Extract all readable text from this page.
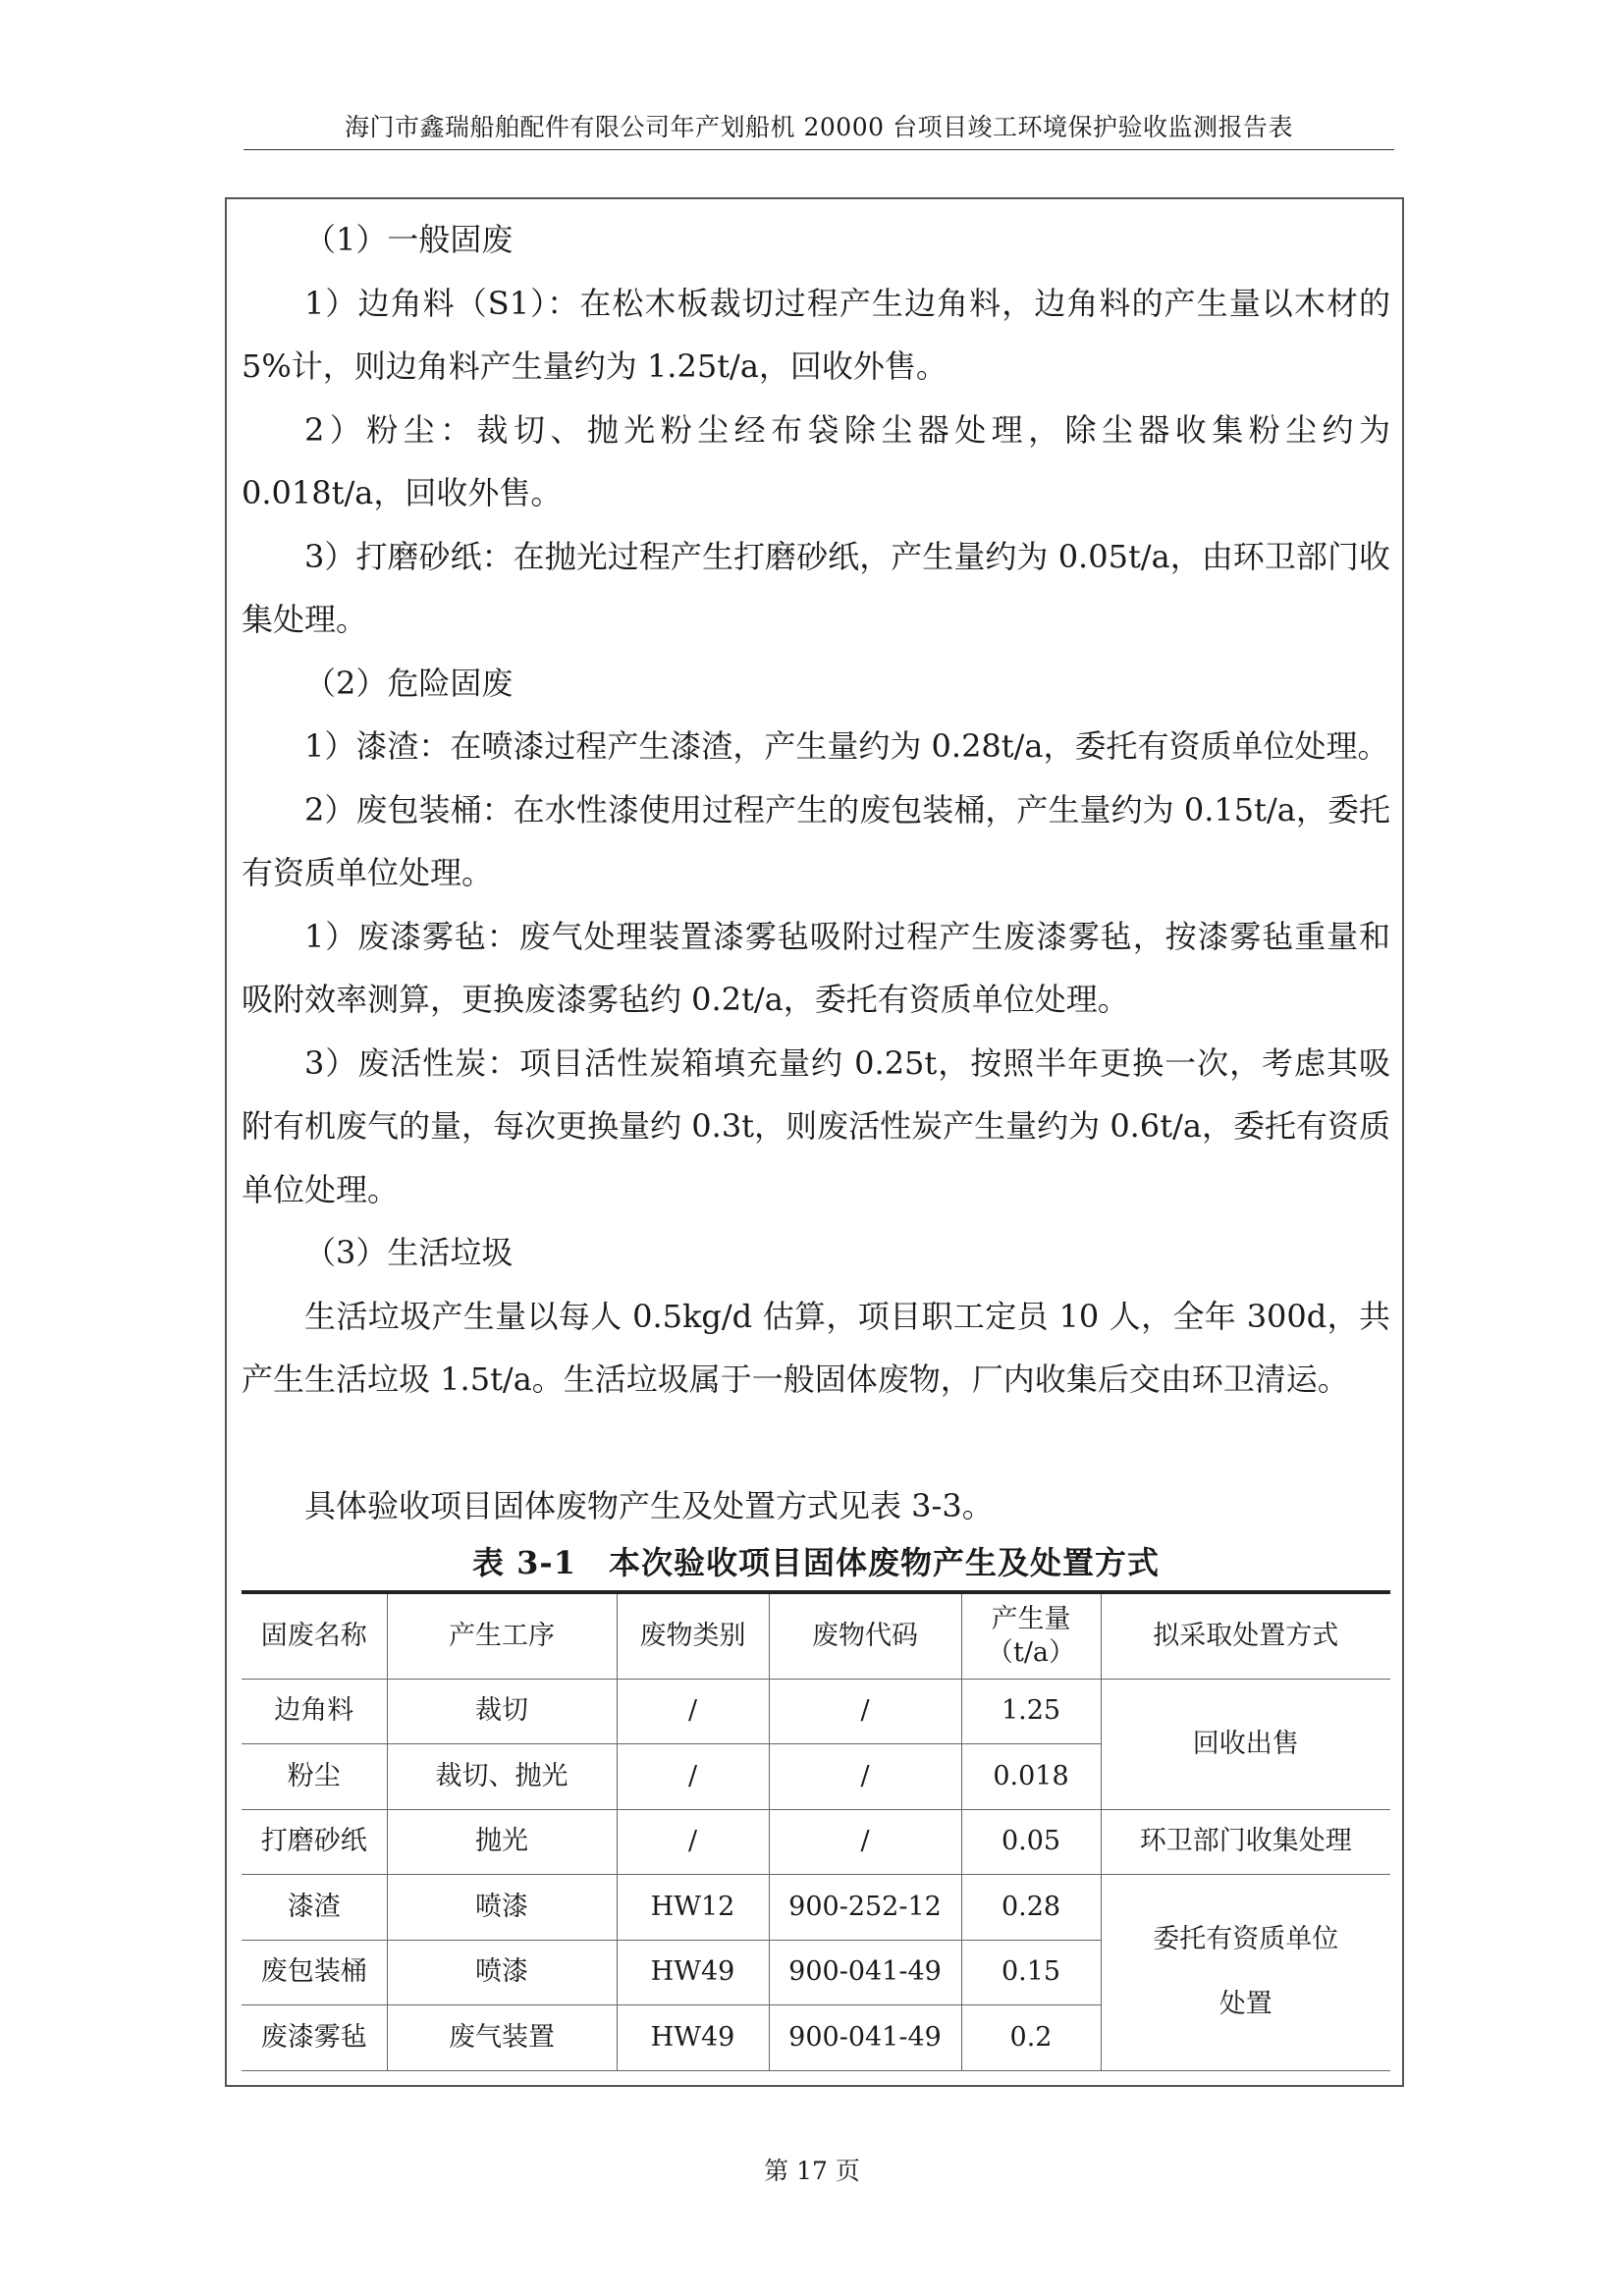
海门市鑫瑞船舶配件有限公司年产划船机 20000 台项目竣工环境保护验收监测报告表

（1）一般固废

1）边角料（S1）：在松木板裁切过程产生边角料，边角料的产生量以木材的 5%计，则边角料产生量约为 1.25t/a，回收外售。

2）粉尘：裁切、抛光粉尘经布袋除尘器处理，除尘器收集粉尘约为 0.018t/a，回收外售。

3）打磨砂纸：在抛光过程产生打磨砂纸，产生量约为 0.05t/a，由环卫部门收集处理。

（2）危险固废

1）漆渣：在喷漆过程产生漆渣，产生量约为 0.28t/a，委托有资质单位处理。

2）废包装桶：在水性漆使用过程产生的废包装桶，产生量约为 0.15t/a，委托有资质单位处理。

1）废漆雾毡：废气处理装置漆雾毡吸附过程产生废漆雾毡，按漆雾毡重量和吸附效率测算，更换废漆雾毡约 0.2t/a，委托有资质单位处理。

3）废活性炭：项目活性炭箱填充量约 0.25t，按照半年更换一次，考虑其吸附有机废气的量，每次更换量约 0.3t，则废活性炭产生量约为 0.6t/a，委托有资质单位处理。

（3）生活垃圾

生活垃圾产生量以每人 0.5kg/d 估算，项目职工定员 10 人，全年 300d，共产生生活垃圾 1.5t/a。生活垃圾属于一般固体废物，厂内收集后交由环卫清运。

具体验收项目固体废物产生及处置方式见表 3-3。

表 3-1　本次验收项目固体废物产生及处置方式
固废名称	产生工序	废物类别	废物代码	产生量
（t/a）	拟采取处置方式
边角料	裁切	/	/	1.25	回收出售
粉尘	裁切、抛光	/	/	0.018	
打磨砂纸	抛光	/	/	0.05	环卫部门收集处理
漆渣	喷漆	HW12	900-252-12	0.28	委托有资质单位
处置

废包装桶	喷漆	HW49	900-041-49	0.15	
废漆雾毡	废气装置	HW49	900-041-49	0.2	
第 17 页
